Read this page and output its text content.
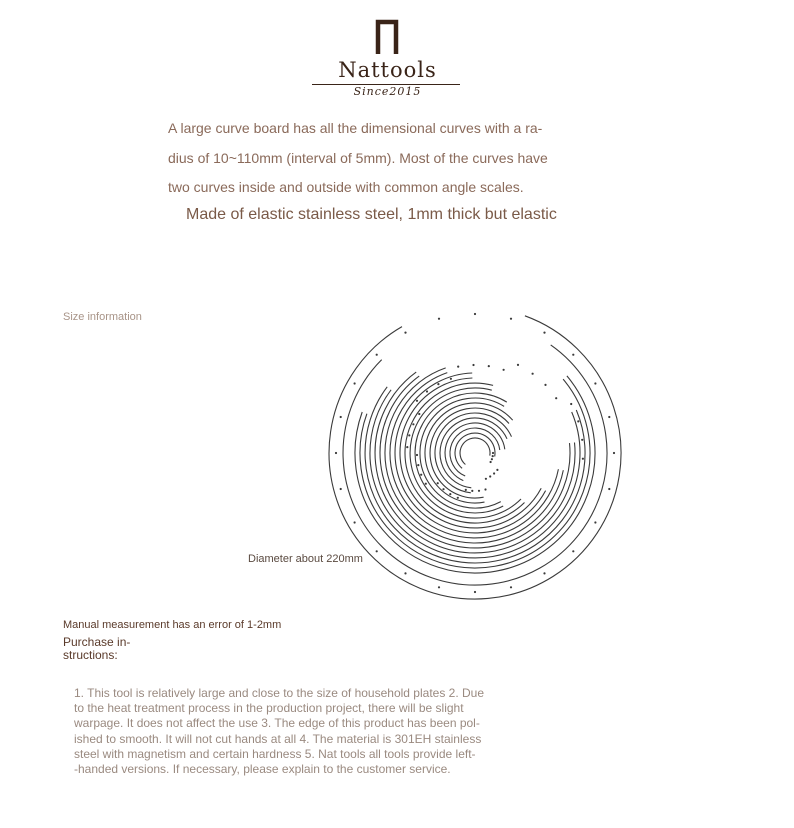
Nattools
Since2015
A large curve board has all the dimensional curves with a ra-
dius of 10~110mm (interval of 5mm). Most of the curves have
two curves inside and outside with common angle scales.
Made of elastic stainless steel, 1mm thick but elastic
Size information
Diameter about 220mm
Manual measurement has an error of 1-2mm
Purchase in-
structions:
1. This tool is relatively large and close to the size of household plates 2. Due
to the heat treatment process in the production project, there will be slight
warpage. It does not affect the use 3. The edge of this product has been pol-
ished to smooth. It will not cut hands at all 4. The material is 301EH stainless
steel with magnetism and certain hardness 5. Nat tools all tools provide left-
-handed versions. If necessary, please explain to the customer service.
